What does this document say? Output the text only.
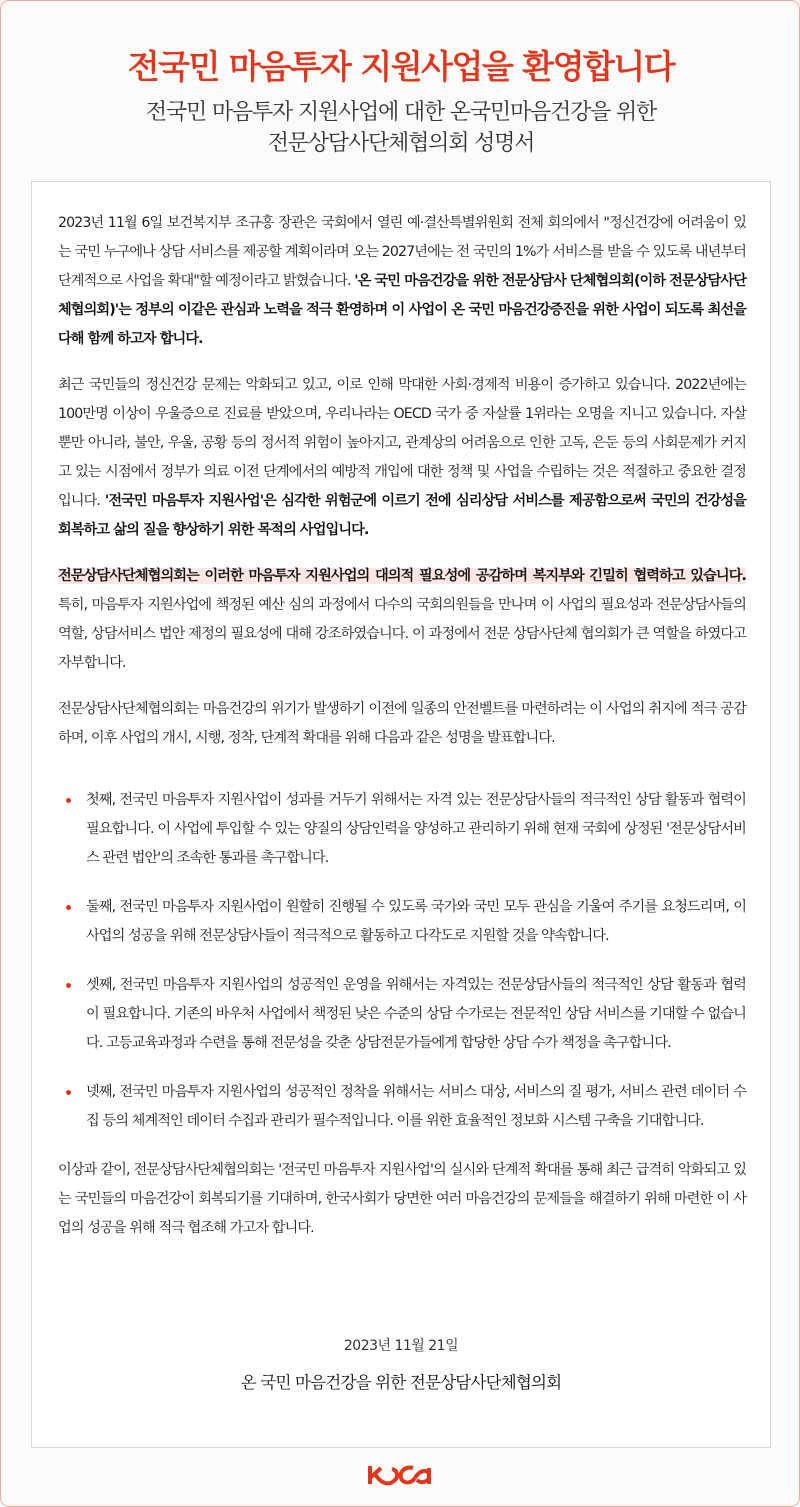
전국민 마음투자 지원사업을 환영합니다
전국민 마음투자 지원사업에 대한 온국민마음건강을 위한
전문상담사단체협의회 성명서

2023년 11월 6일 보건복지부 조규홍 장관은 국회에서 열린 예·결산특별위원회 전체 회의에서 "정신건강에 어려움이 있는 국민 누구에나 상담 서비스를 제공할 계획이라며 오는 2027년에는 전 국민의 1%가 서비스를 받을 수 있도록 내년부터 단계적으로 사업을 확대"할 예정이라고 밝혔습니다. '온 국민 마음건강을 위한 전문상담사 단체협의회(이하 전문상담사단체협의회)'는 정부의 이같은 관심과 노력을 적극 환영하며 이 사업이 온 국민 마음건강증진을 위한 사업이 되도록 최선을 다해 함께 하고자 합니다.

최근 국민들의 정신건강 문제는 악화되고 있고, 이로 인해 막대한 사회·경제적 비용이 증가하고 있습니다. 2022년에는 100만명 이상이 우울증으로 진료를 받았으며, 우리나라는 OECD 국가 중 자살률 1위라는 오명을 지니고 있습니다. 자살뿐만 아니라, 불안, 우울, 공황 등의 정서적 위험이 높아지고, 관계상의 어려움으로 인한 고독, 은둔 등의 사회문제가 커지고 있는 시점에서 정부가 의료 이전 단계에서의 예방적 개입에 대한 정책 및 사업을 수립하는 것은 적절하고 중요한 결정입니다. '전국민 마음투자 지원사업'은 심각한 위험군에 이르기 전에 심리상담 서비스를 제공함으로써 국민의 건강성을 회복하고 삶의 질을 향상하기 위한 목적의 사업입니다.

전문상담사단체협의회는 이러한 마음투자 지원사업의 대의적 필요성에 공감하며 복지부와 긴밀히 협력하고 있습니다. 특히, 마음투자 지원사업에 책정된 예산 심의 과정에서 다수의 국회의원들을 만나며 이 사업의 필요성과 전문상담사들의 역할, 상담서비스 법안 제정의 필요성에 대해 강조하였습니다. 이 과정에서 전문 상담사단체 협의회가 큰 역할을 하였다고 자부합니다.

전문상담사단체협의회는 마음건강의 위기가 발생하기 이전에 일종의 안전벨트를 마련하려는 이 사업의 취지에 적극 공감하며, 이후 사업의 개시, 시행, 정착, 단계적 확대를 위해 다음과 같은 성명을 발표합니다.

첫째, 전국민 마음투자 지원사업이 성과를 거두기 위해서는 자격 있는 전문상담사들의 적극적인 상담 활동과 협력이 필요합니다. 이 사업에 투입할 수 있는 양질의 상담인력을 양성하고 관리하기 위해 현재 국회에 상정된 '전문상담서비스 관련 법안'의 조속한 통과를 촉구합니다.
둘째, 전국민 마음투자 지원사업이 원할히 진행될 수 있도록 국가와 국민 모두 관심을 기울여 주기를 요청드리며, 이 사업의 성공을 위해 전문상담사들이 적극적으로 활동하고 다각도로 지원할 것을 약속합니다.
셋째, 전국민 마음투자 지원사업의 성공적인 운영을 위해서는 자격있는 전문상담사들의 적극적인 상담 활동과 협력이 필요합니다. 기존의 바우처 사업에서 책정된 낮은 수준의 상담 수가로는 전문적인 상담 서비스를 기대할 수 없습니다. 고등교육과정과 수련을 통해 전문성을 갖춘 상담전문가들에게 합당한 상담 수가 책정을 촉구합니다.
넷째, 전국민 마음투자 지원사업의 성공적인 정착을 위해서는 서비스 대상, 서비스의 질 평가, 서비스 관련 데이터 수집 등의 체계적인 데이터 수집과 관리가 필수적입니다. 이를 위한 효율적인 정보화 시스템 구축을 기대합니다.

이상과 같이, 전문상담사단체협의회는 '전국민 마음투자 지원사업'의 실시와 단계적 확대를 통해 최근 급격히 악화되고 있는 국민들의 마음건강이 회복되기를 기대하며, 한국사회가 당면한 여러 마음건강의 문제들을 해결하기 위해 마련한 이 사업의 성공을 위해 적극 협조해 가고자 합니다.

2023년 11월 21일
온 국민 마음건강을 위한 전문상담사단체협의회
